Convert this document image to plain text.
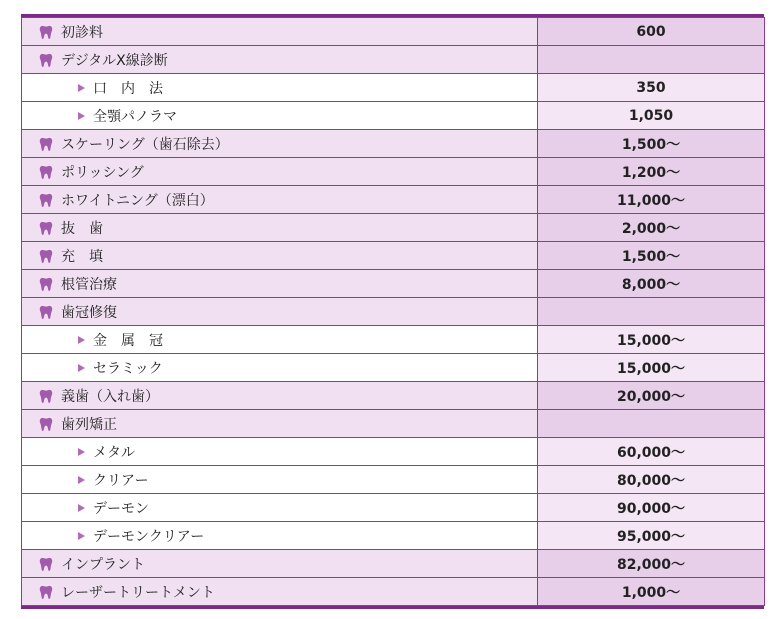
初診料	600

デジタルX線診断	

口　内　法	350

全顎パノラマ	1,050

スケーリング（歯石除去）	1,500～

ポリッシング	1,200～

ホワイトニング（漂白）	11,000～

抜　歯	2,000～

充　填	1,500～

根管治療	8,000～

歯冠修復	

金　属　冠	15,000～

セラミック	15,000～

義歯（入れ歯）	20,000～

歯列矯正	

メタル	60,000～

クリアー	80,000～

デーモン	90,000～

デーモンクリアー	95,000～

インプラント	82,000～

レーザートリートメント	1,000～
